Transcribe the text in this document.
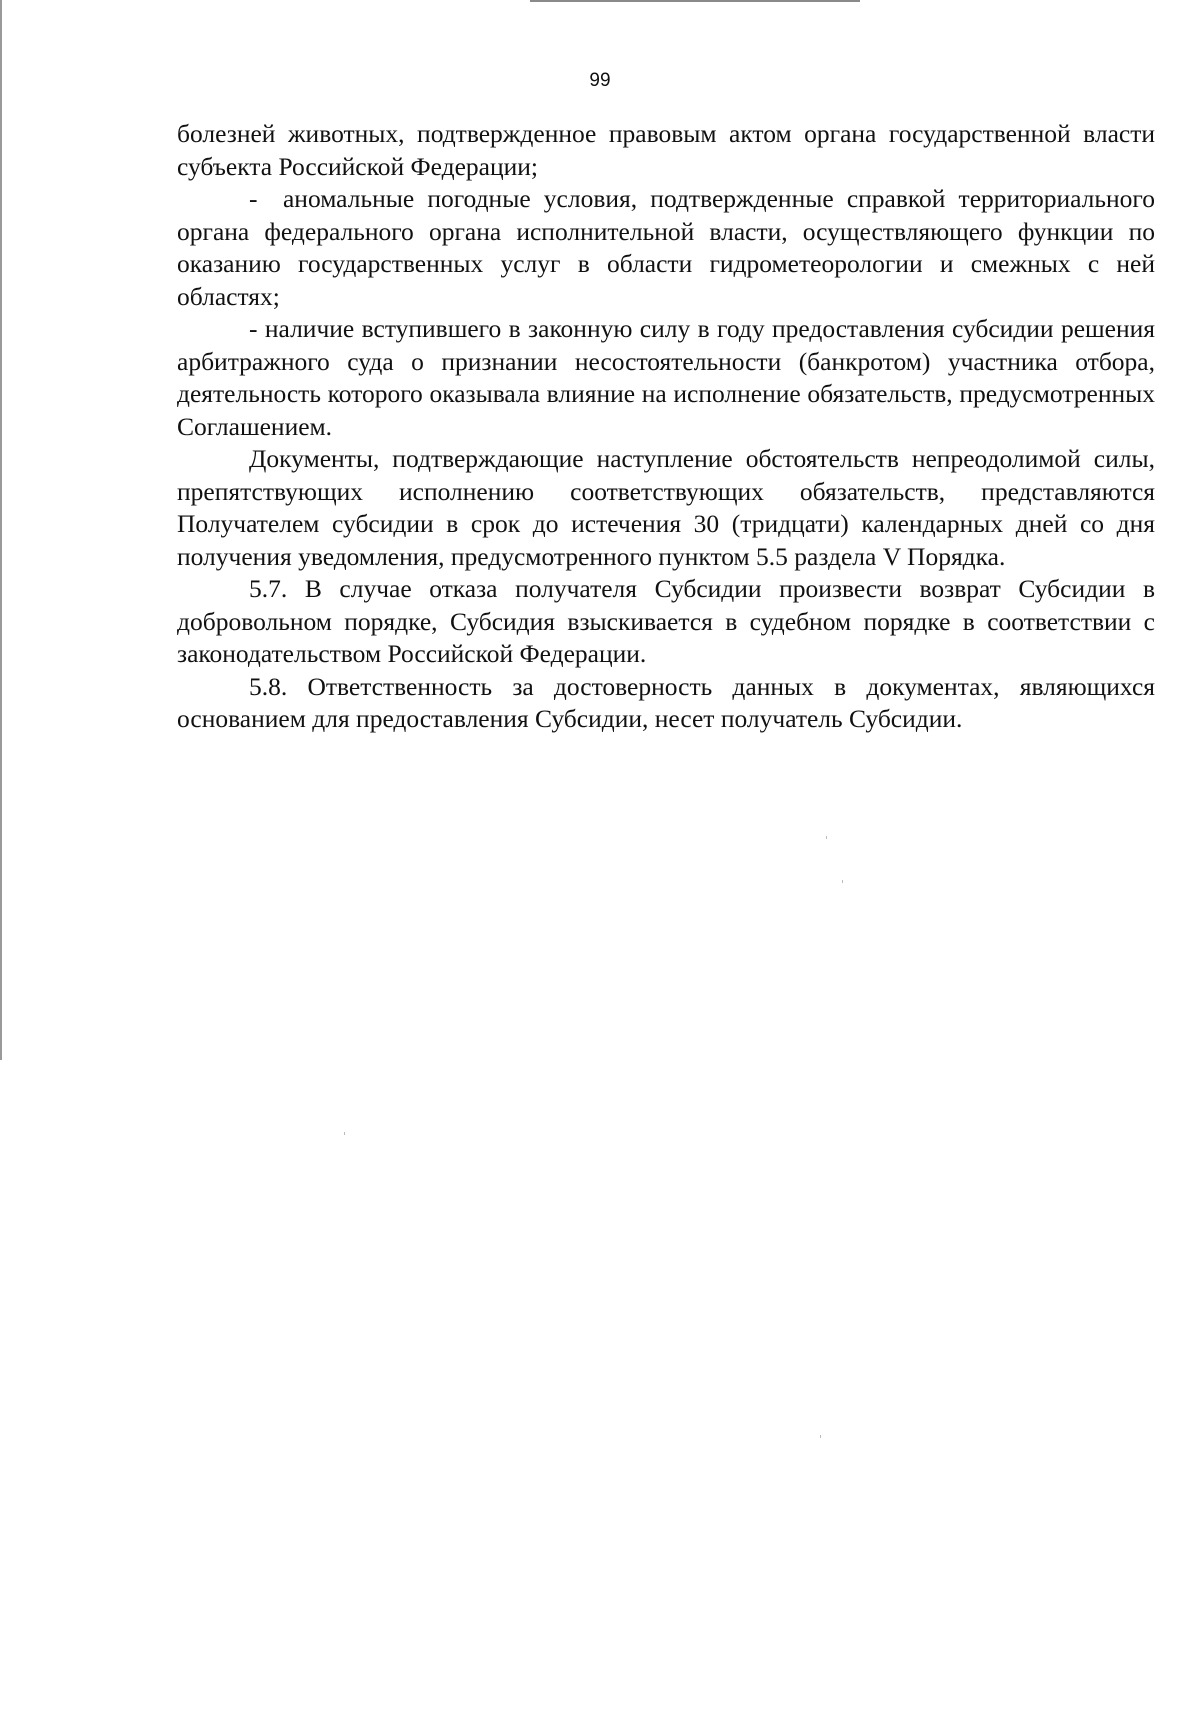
99

болезней животных, подтвержденное правовым актом органа государственной власти субъекта Российской Федерации;

- аномальные погодные условия, подтвержденные справкой территориального органа федерального органа исполнительной власти, осуществляющего функции по оказанию государственных услуг в области гидрометеорологии и смежных с ней областях;

- наличие вступившего в законную силу в году предоставления субсидии решения арбитражного суда о признании несостоятельности (банкротом) участника отбора, деятельность которого оказывала влияние на исполнение обязательств, предусмотренных Соглашением.

Документы, подтверждающие наступление обстоятельств непреодолимой силы, препятствующих исполнению соответствующих обязательств, представляются Получателем субсидии в срок до истечения 30 (тридцати) календарных дней со дня получения уведомления, предусмотренного пунктом 5.5 раздела V Порядка.

5.7. В случае отказа получателя Субсидии произвести возврат Субсидии в добровольном порядке, Субсидия взыскивается в судебном порядке в соответствии с законодательством Российской Федерации.

5.8. Ответственность за достоверность данных в документах, являющихся основанием для предоставления Субсидии, несет получатель Субсидии.
